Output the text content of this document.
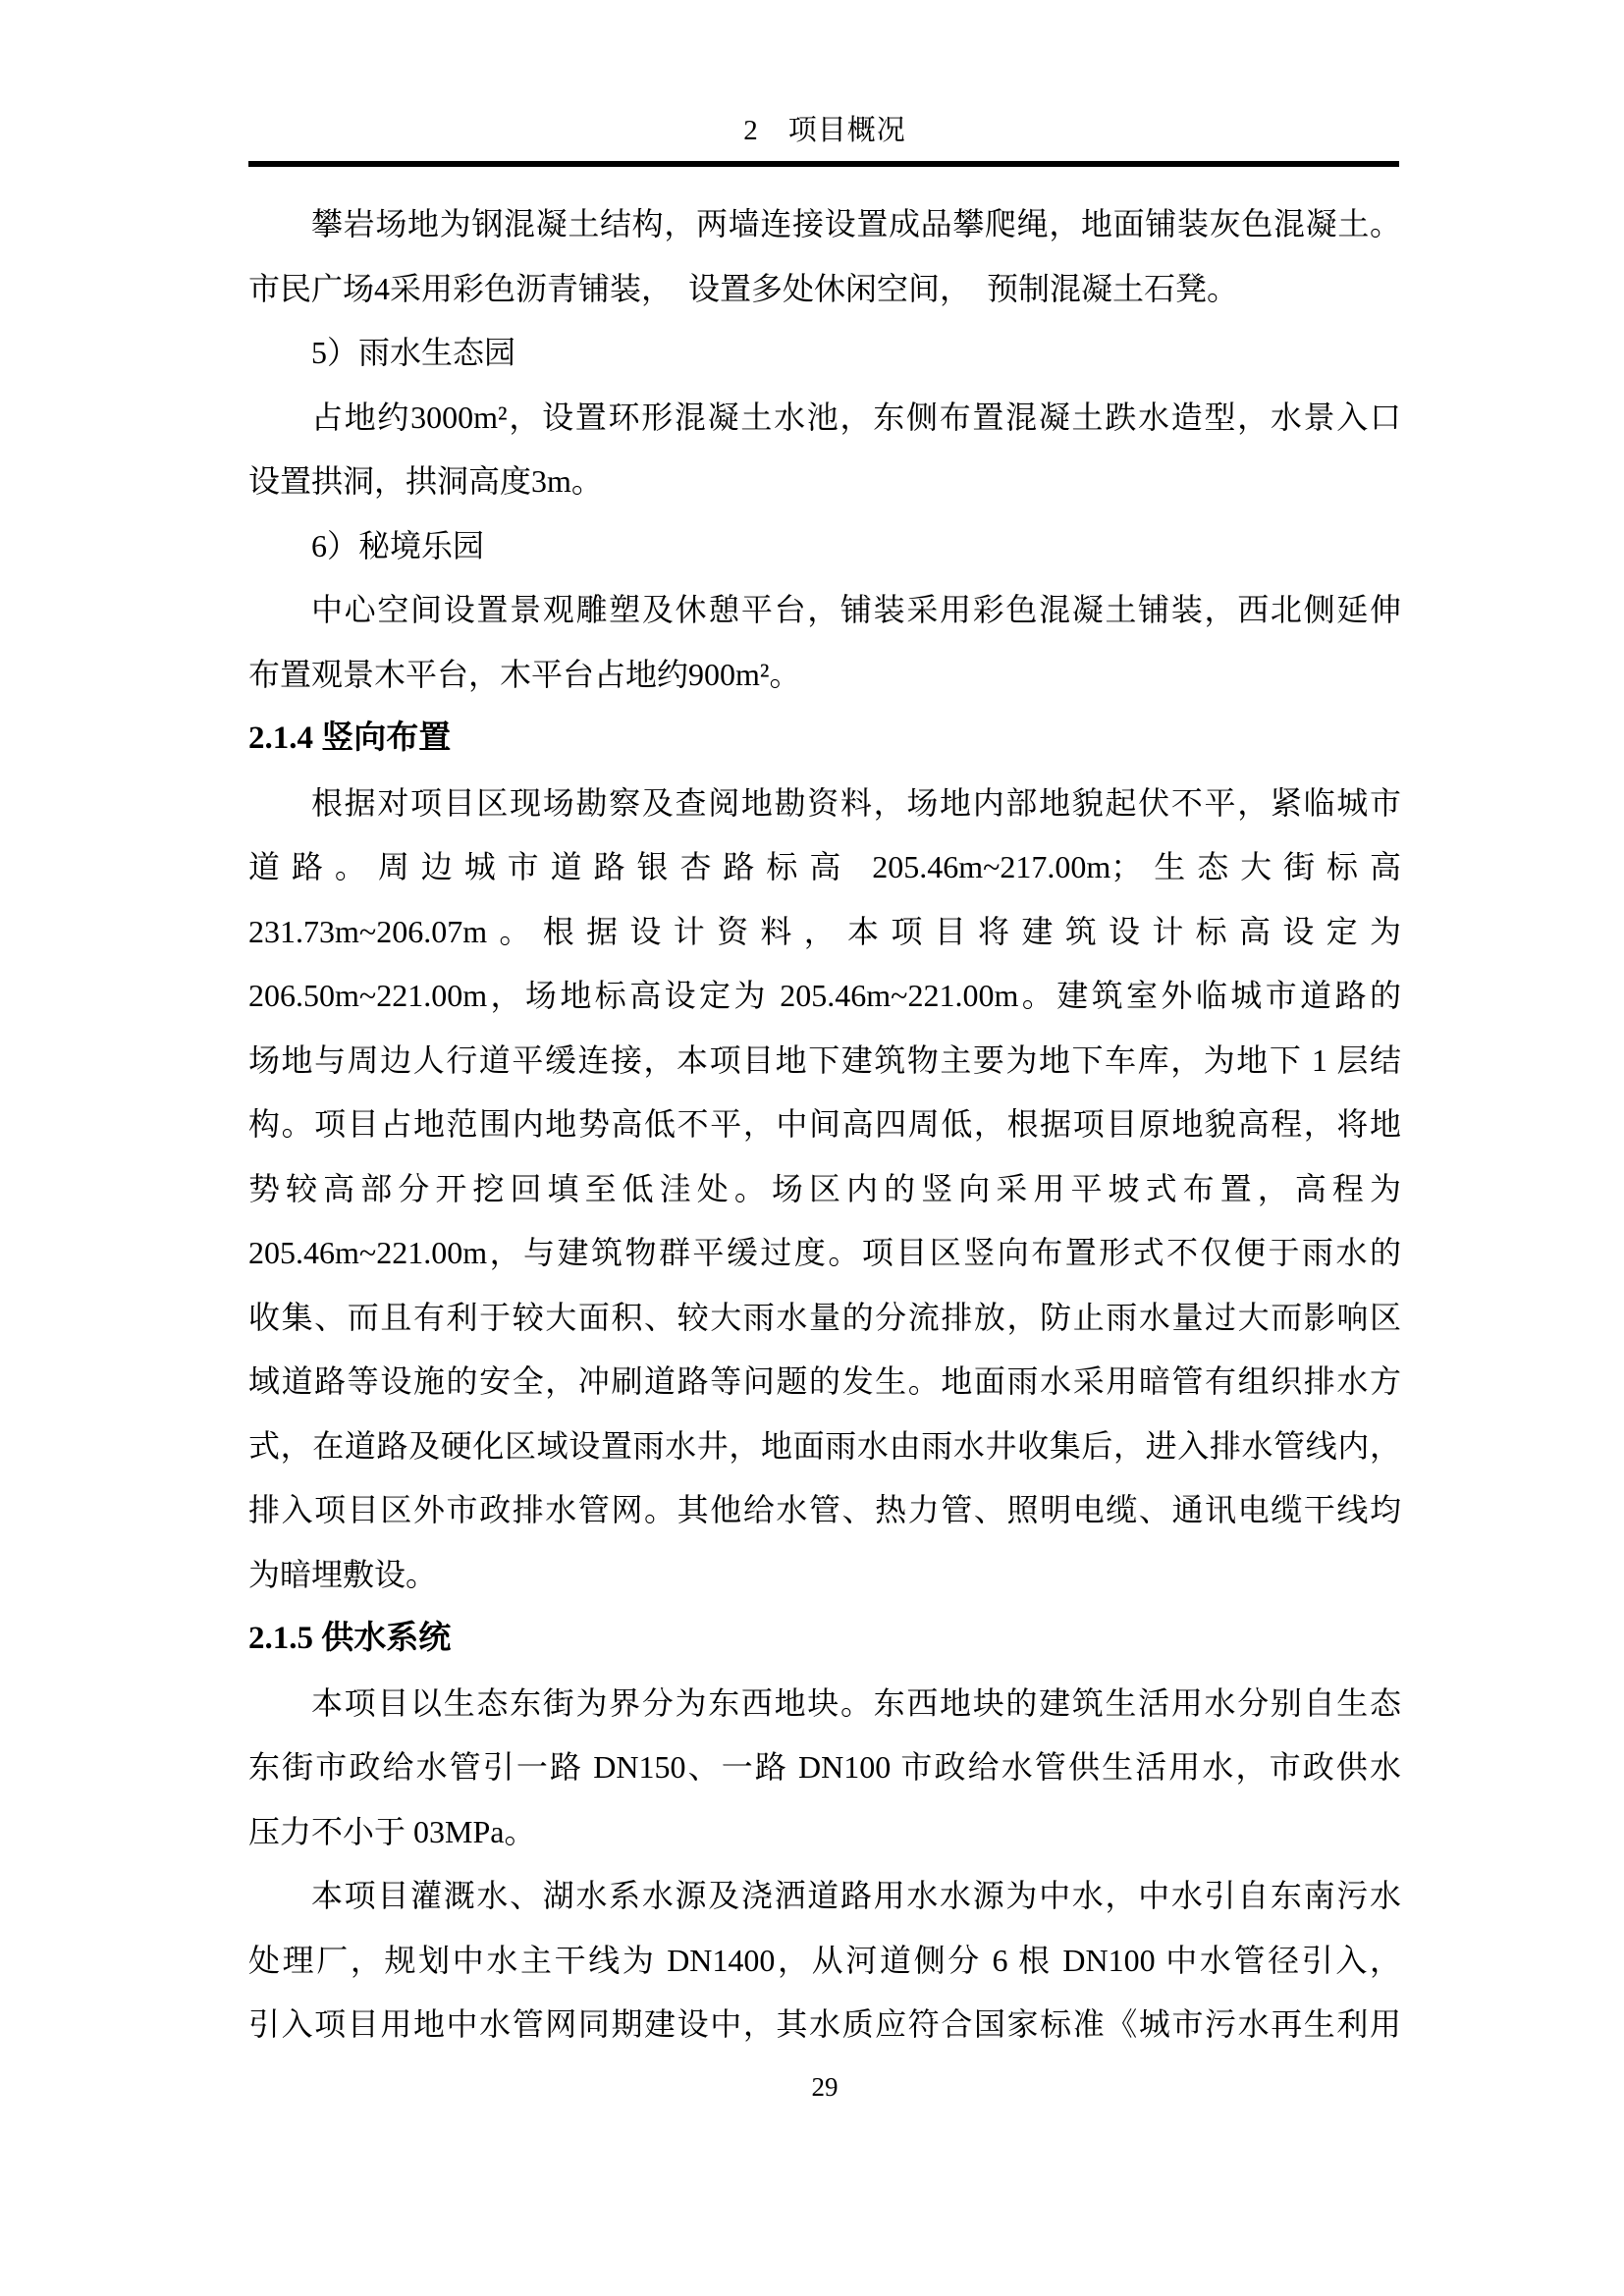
2　项目概况
攀岩场地为钢混凝土结构，两墙连接设置成品攀爬绳，地面铺装灰色混凝土。
市民广场4采用彩色沥青铺装， 设置多处休闲空间， 预制混凝土石凳。
5）雨水生态园
占地约3000m²，设置环形混凝土水池，东侧布置混凝土跌水造型，水景入口
设置拱洞，拱洞高度3m。
6）秘境乐园
中心空间设置景观雕塑及休憩平台，铺装采用彩色混凝土铺装，西北侧延伸
布置观景木平台，木平台占地约900m²。
2.1.4 竖向布置
根据对项目区现场勘察及查阅地勘资料，场地内部地貌起伏不平，紧临城市
道路。周边城市道路银杏路标高 205.46m~217.00m；生态大街标高
231.73m~206.07m。根据设计资料，本项目将建筑设计标高设定为
206.50m~221.00m，场地标高设定为 205.46m~221.00m。建筑室外临城市道路的
场地与周边人行道平缓连接，本项目地下建筑物主要为地下车库，为地下 1 层结
构。项目占地范围内地势高低不平，中间高四周低，根据项目原地貌高程，将地
势较高部分开挖回填至低洼处。场区内的竖向采用平坡式布置，高程为
205.46m~221.00m，与建筑物群平缓过度。项目区竖向布置形式不仅便于雨水的
收集、而且有利于较大面积、较大雨水量的分流排放，防止雨水量过大而影响区
域道路等设施的安全，冲刷道路等问题的发生。地面雨水采用暗管有组织排水方
式，在道路及硬化区域设置雨水井，地面雨水由雨水井收集后，进入排水管线内，
排入项目区外市政排水管网。其他给水管、热力管、照明电缆、通讯电缆干线均
为暗埋敷设。
2.1.5 供水系统
本项目以生态东街为界分为东西地块。东西地块的建筑生活用水分别自生态
东街市政给水管引一路 DN150、一路 DN100 市政给水管供生活用水，市政供水
压力不小于 03MPa。
本项目灌溉水、湖水系水源及浇洒道路用水水源为中水，中水引自东南污水
处理厂，规划中水主干线为 DN1400，从河道侧分 6 根 DN100 中水管径引入，
引入项目用地中水管网同期建设中，其水质应符合国家标准《城市污水再生利用
29
